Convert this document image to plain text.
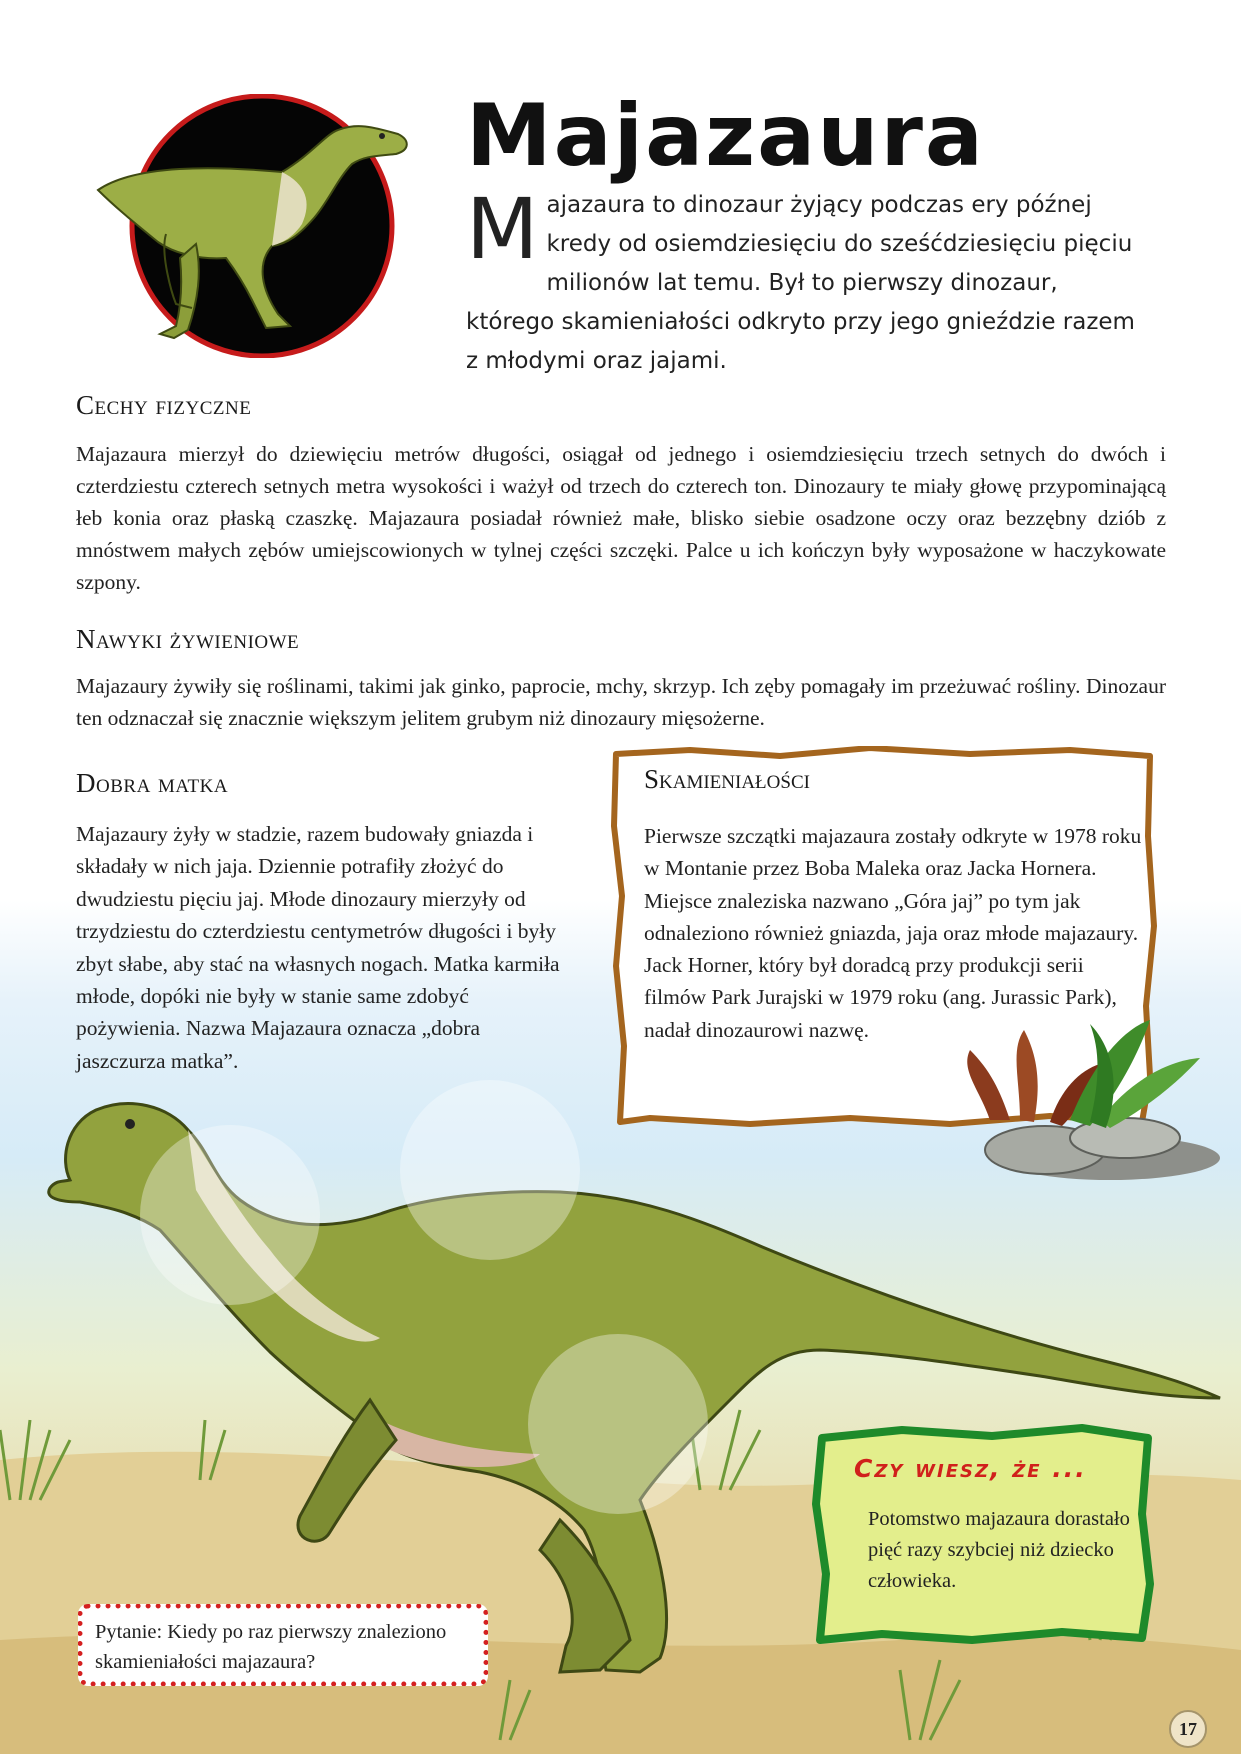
Majazaura

Majazaura to dinozaur żyjący podczas ery późnej kredy od osiemdziesięciu do sześćdziesięciu pięciu milionów lat temu. Był to pierwszy dinozaur, którego skamieniałości odkryto przy jego gnieździe razem z młodymi oraz jajami.

Cechy fizyczne

Majazaura mierzył do dziewięciu metrów długości, osiągał od jednego i osiemdziesięciu trzech setnych do dwóch i czterdziestu czterech setnych metra wysokości i ważył od trzech do czterech ton. Dinozaury te miały głowę przypominającą łeb konia oraz płaską czaszkę. Majazaura posiadał również małe, blisko siebie osadzone oczy oraz bezzębny dziób z mnóstwem małych zębów umiejscowionych w tylnej części szczęki. Palce u ich kończyn były wyposażone w haczykowate szpony.

Nawyki żywieniowe

Majazaury żywiły się roślinami, takimi jak ginko, paprocie, mchy, skrzyp. Ich zęby pomagały im przeżuwać rośliny. Dinozaur ten odznaczał się znacznie większym jelitem grubym niż dinozaury mięsożerne.

Dobra matka

Majazaury żyły w stadzie, razem budowały gniazda i składały w nich jaja. Dziennie potrafiły złożyć do dwudziestu pięciu jaj. Młode dinozaury mierzyły od trzydziestu do czterdziestu centymetrów długości i były zbyt słabe, aby stać na własnych nogach. Matka karmiła młode, dopóki nie były w stanie same zdobyć pożywienia. Nazwa Majazaura oznacza „dobra jaszczurza matka”.

Skamieniałości

Pierwsze szczątki majazaura zostały odkryte w 1978 roku w Montanie przez Boba Maleka oraz Jacka Hornera. Miejsce znaleziska nazwano „Góra jaj” po tym jak odnaleziono również gniazda, jaja oraz młode majazaury. Jack Horner, który był doradcą przy produkcji serii filmów Park Jurajski w 1979 roku (ang. Jurassic Park), nadał dinozaurowi nazwę.

Czy wiesz, że ...

Potomstwo majazaura dorastało pięć razy szybciej niż dziecko człowieka.

Pytanie: Kiedy po raz pierwszy znaleziono skamieniałości majazaura?

17
